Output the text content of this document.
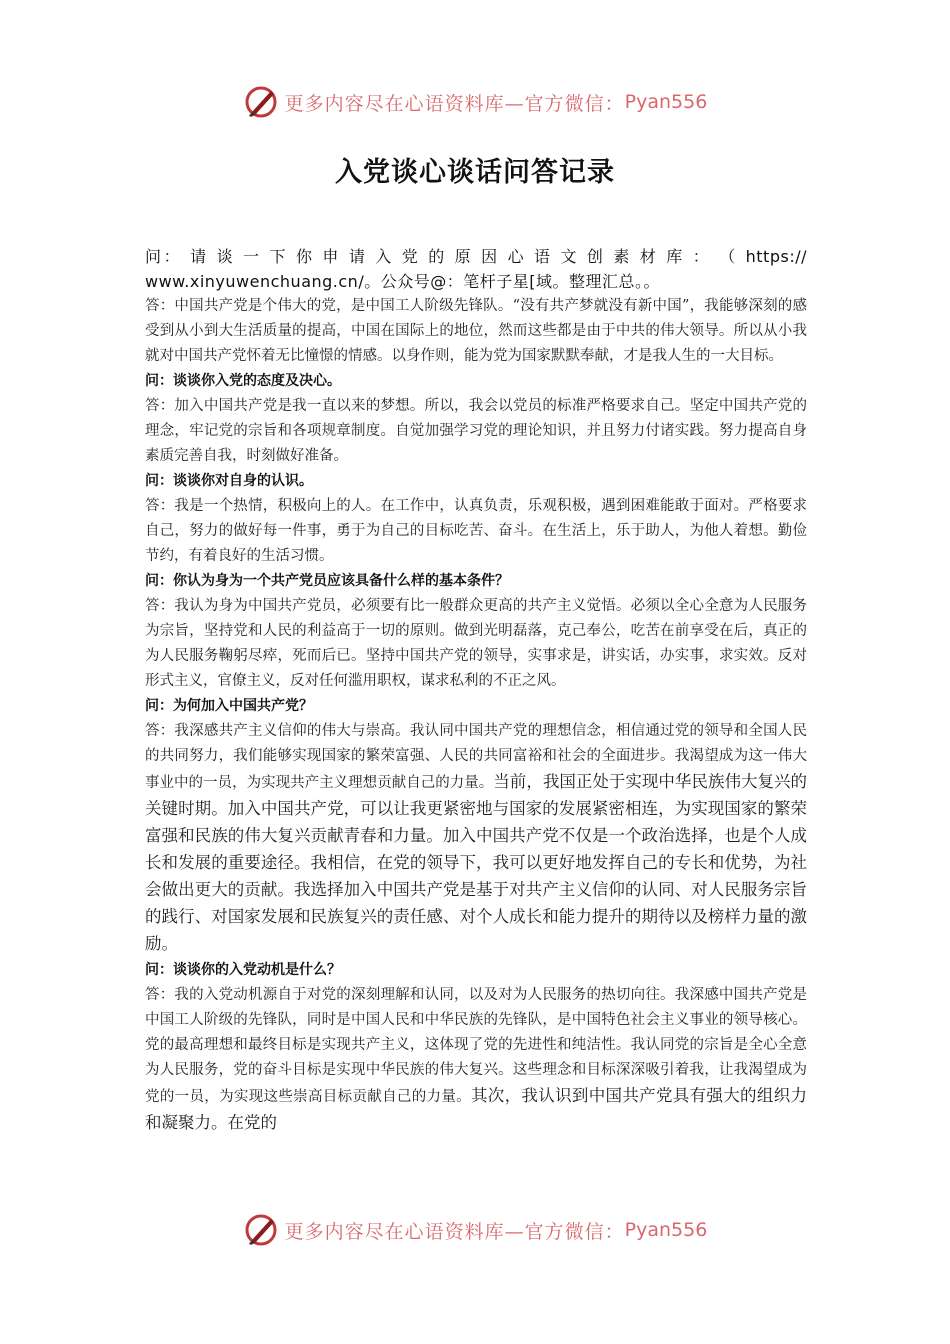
更多内容尽在心语资料库—官方微信： Pyan556
入党谈心谈话问答记录

问： 请 谈 一 下 你 申 请 入 党 的 原 因 心 语 文 创 素 材 库 ： （ https:// www.xinyuwenchuang.cn/。公众号@：笔杆子星[域。整理汇总。。

答：中国共产党是个伟大的党，是中国工人阶级先锋队。“没有共产梦就没有新中国”，我能够深刻的感受到从小到大生活质量的提高，中国在国际上的地位，然而这些都是由于中共的伟大领导。所以从小我就对中国共产党怀着无比憧憬的情感。以身作则，能为党为国家默默奉献，才是我人生的一大目标。

问：谈谈你入党的态度及决心。

答：加入中国共产党是我一直以来的梦想。所以，我会以党员的标准严格要求自己。坚定中国共产党的理念，牢记党的宗旨和各项规章制度。自觉加强学习党的理论知识，并且努力付诸实践。努力提高自身素质完善自我，时刻做好准备。

问：谈谈你对自身的认识。

答：我是一个热情，积极向上的人。在工作中，认真负责，乐观积极，遇到困难能敢于面对。严格要求自己，努力的做好每一件事，勇于为自己的目标吃苦、奋斗。在生活上，乐于助人，为他人着想。勤俭节约，有着良好的生活习惯。

问：你认为身为一个共产党员应该具备什么样的基本条件？

答：我认为身为中国共产党员，必须要有比一般群众更高的共产主义觉悟。必须以全心全意为人民服务为宗旨，坚持党和人民的利益高于一切的原则。做到光明磊落，克己奉公，吃苦在前享受在后，真正的为人民服务鞠躬尽瘁，死而后已。坚持中国共产党的领导，实事求是，讲实话，办实事，求实效。反对形式主义，官僚主义，反对任何滥用职权，谋求私利的不正之风。

问：为何加入中国共产党？

答：我深感共产主义信仰的伟大与崇高。我认同中国共产党的理想信念，相信通过党的领导和全国人民的共同努力，我们能够实现国家的繁荣富强、人民的共同富裕和社会的全面进步。我渴望成为这一伟大事业中的一员，为实现共产主义理想贡献自己的力量。当前，我国正处于实现中华民族伟大复兴的关键时期。加入中国共产党，可以让我更紧密地与国家的发展紧密相连，为实现国家的繁荣富强和民族的伟大复兴贡献青春和力量。加入中国共产党不仅是一个政治选择，也是个人成长和发展的重要途径。我相信，在党的领导下，我可以更好地发挥自己的专长和优势，为社会做出更大的贡献。我选择加入中国共产党是基于对共产主义信仰的认同、对人民服务宗旨的践行、对国家发展和民族复兴的责任感、对个人成长和能力提升的期待以及榜样力量的激励。

问：谈谈你的入党动机是什么？

答：我的入党动机源自于对党的深刻理解和认同，以及对为人民服务的热切向往。我深感中国共产党是中国工人阶级的先锋队，同时是中国人民和中华民族的先锋队，是中国特色社会主义事业的领导核心。党的最高理想和最终目标是实现共产主义，这体现了党的先进性和纯洁性。我认同党的宗旨是全心全意为人民服务，党的奋斗目标是实现中华民族的伟大复兴。这些理念和目标深深吸引着我，让我渴望成为党的一员，为实现这些崇高目标贡献自己的力量。其次，我认识到中国共产党具有强大的组织力和凝聚力。在党的

更多内容尽在心语资料库—官方微信： Pyan556
